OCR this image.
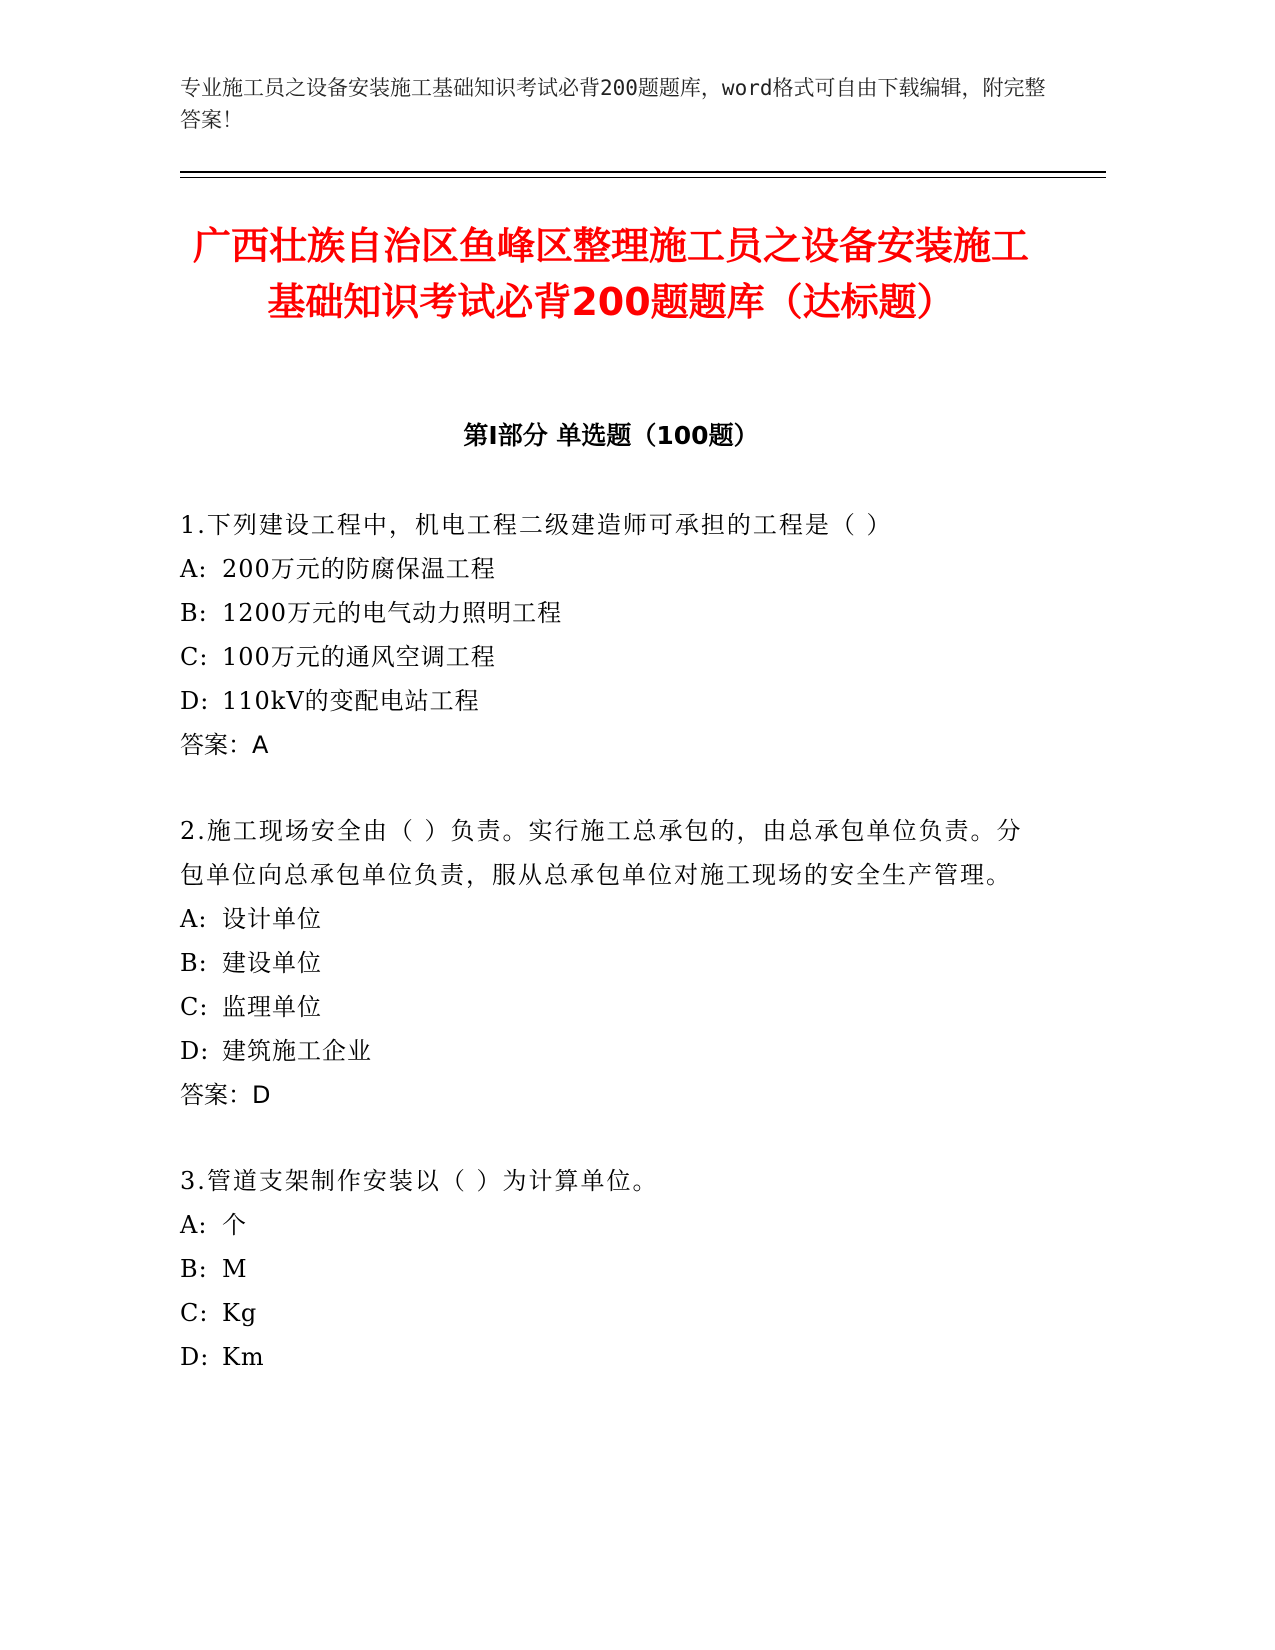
专业施工员之设备安装施工基础知识考试必背200题题库，word格式可自由下载编辑，附完整答案！
广西壮族自治区鱼峰区整理施工员之设备安装施工基础知识考试必背200题题库（达标题）
第Ⅰ部分 单选题（100题）

1.下列建设工程中，机电工程二级建造师可承担的工程是（ ）

A: 200万元的防腐保温工程

B: 1200万元的电气动力照明工程

C: 100万元的通风空调工程

D: 110kV的变配电站工程

答案：A

2.施工现场安全由（ ）负责。实行施工总承包的，由总承包单位负责。分包单位向总承包单位负责，服从总承包单位对施工现场的安全生产管理。

A: 设计单位

B: 建设单位

C: 监理单位

D: 建筑施工企业

答案：D

3.管道支架制作安装以（ ）为计算单位。

A: 个

B: M

C: Kg

D: Km
